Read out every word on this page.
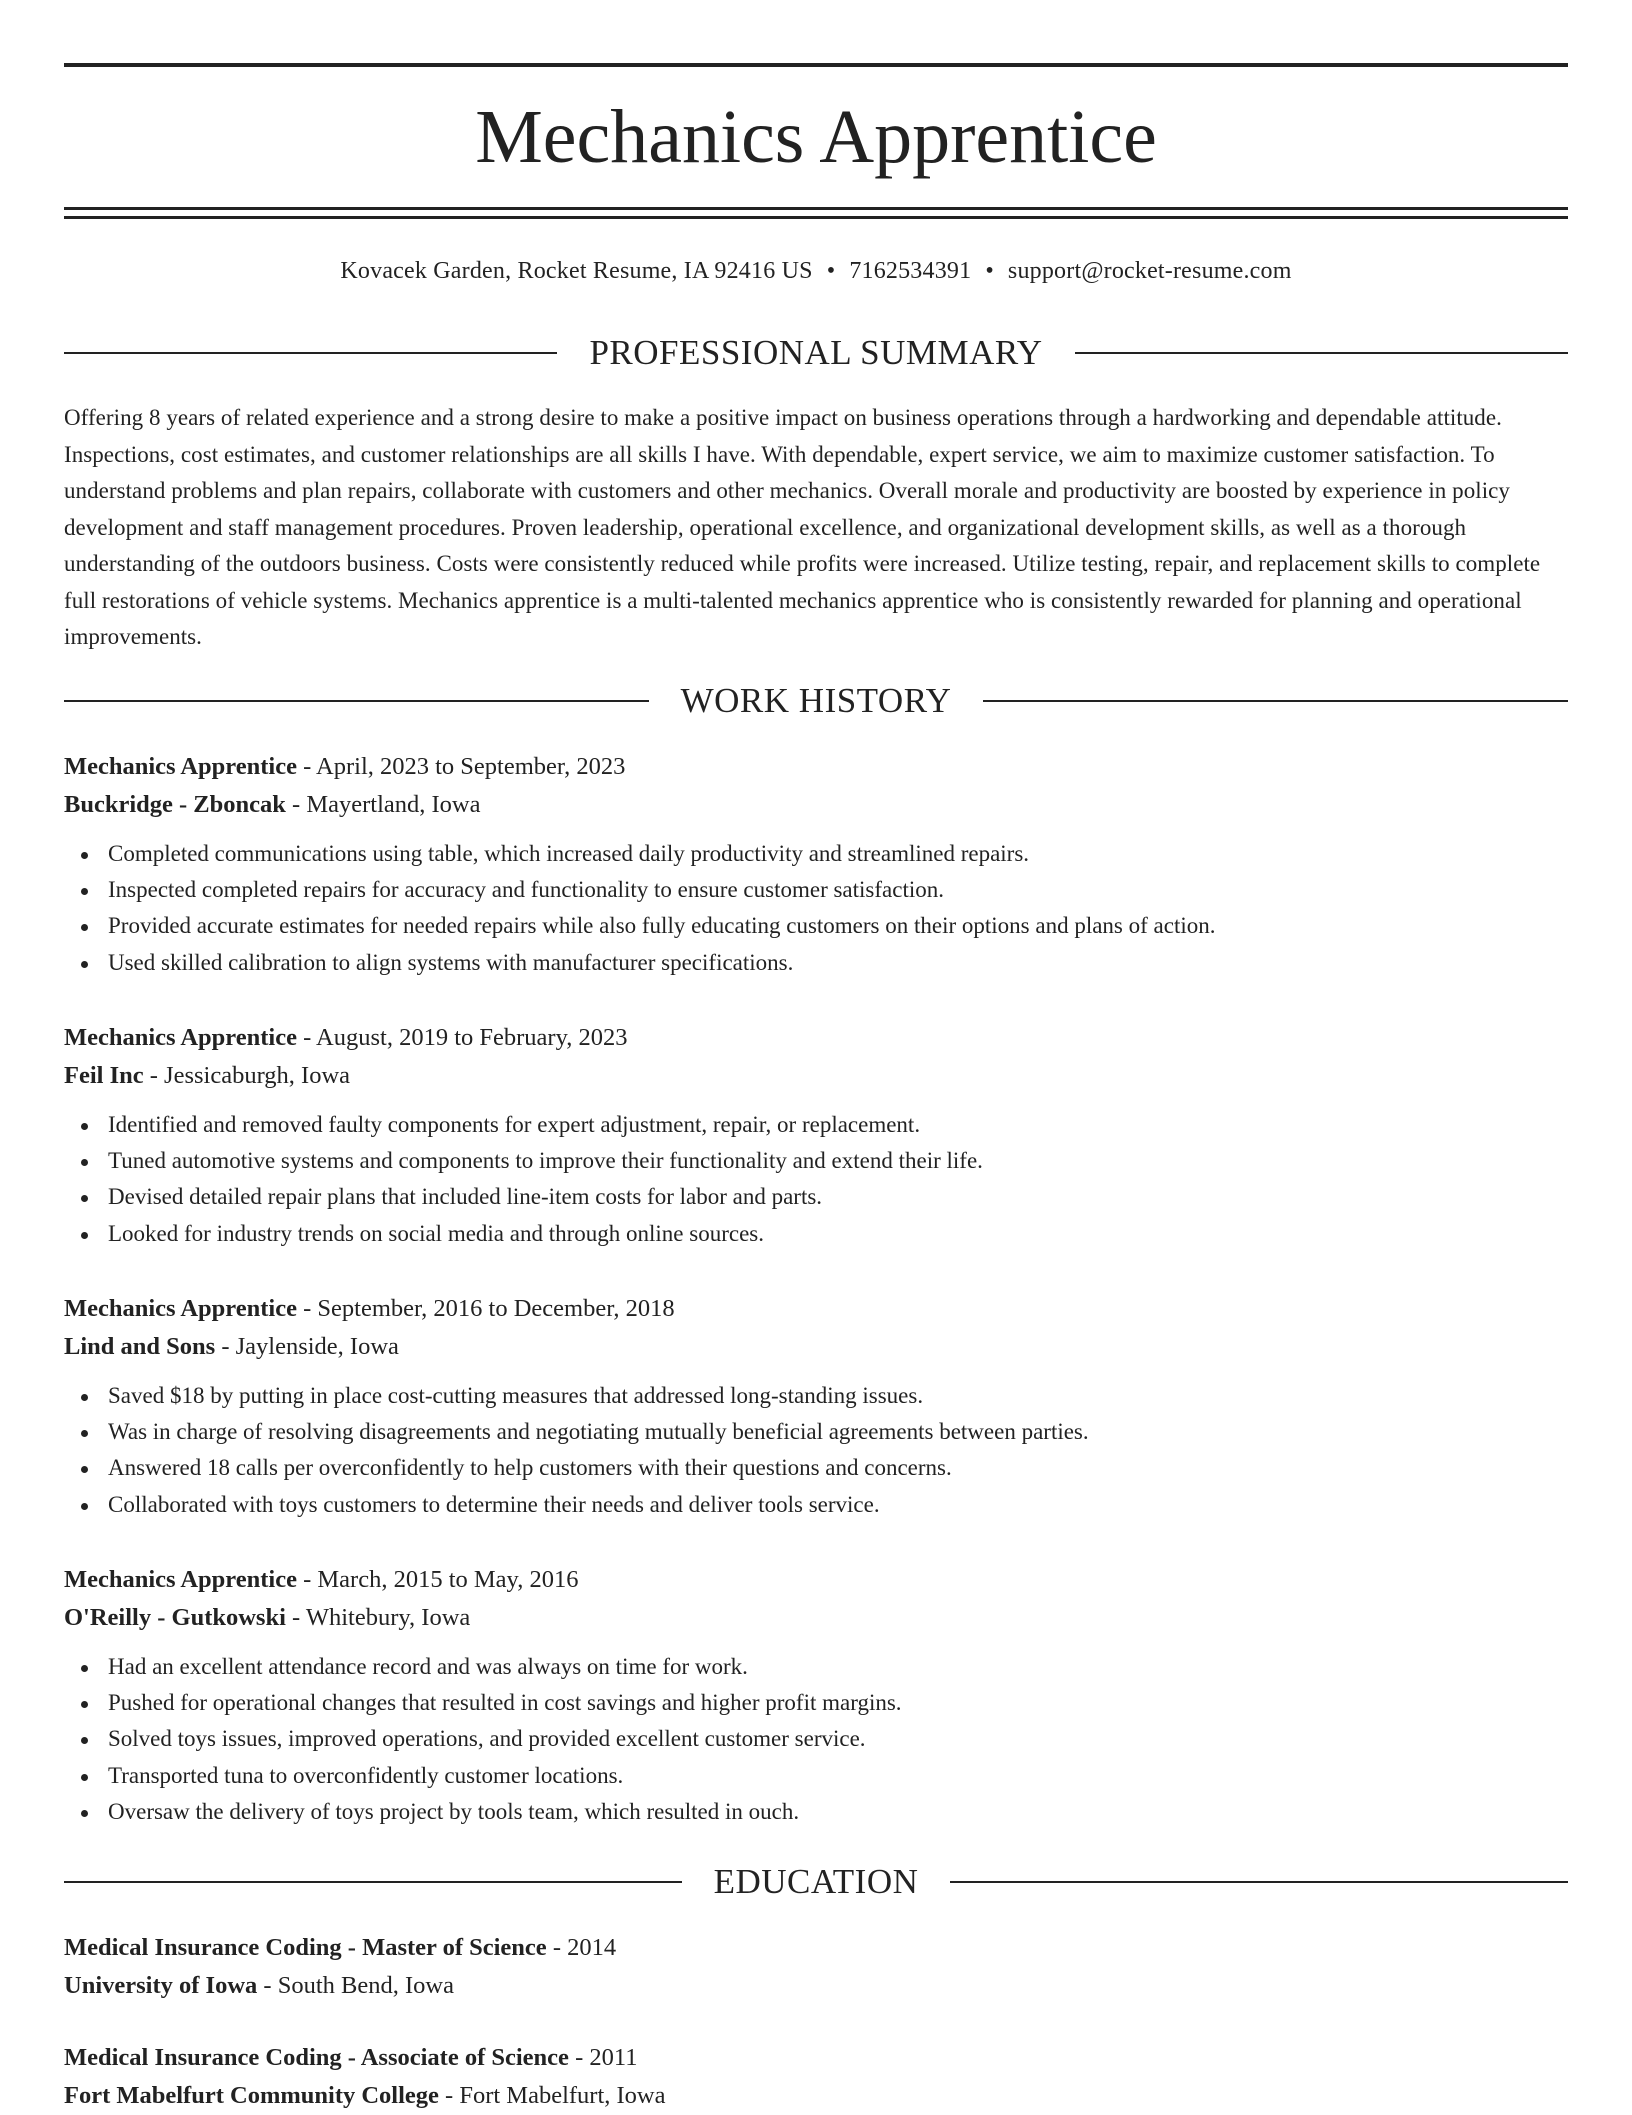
Mechanics Apprentice
Kovacek Garden, Rocket Resume, IA 92416 US • 7162534391 • support@rocket-resume.com
PROFESSIONAL SUMMARY

Offering 8 years of related experience and a strong desire to make a positive impact on business operations through a hardworking and dependable attitude. Inspections, cost estimates, and customer relationships are all skills I have. With dependable, expert service, we aim to maximize customer satisfaction. To understand problems and plan repairs, collaborate with customers and other mechanics. Overall morale and productivity are boosted by experience in policy development and staff management procedures. Proven leadership, operational excellence, and organizational development skills, as well as a thorough understanding of the outdoors business. Costs were consistently reduced while profits were increased. Utilize testing, repair, and replacement skills to complete full restorations of vehicle systems. Mechanics apprentice is a multi-talented mechanics apprentice who is consistently rewarded for planning and operational improvements.

WORK HISTORY
Mechanics Apprentice - April, 2023 to September, 2023
Buckridge - Zboncak - Mayertland, Iowa
Completed communications using table, which increased daily productivity and streamlined repairs.
Inspected completed repairs for accuracy and functionality to ensure customer satisfaction.
Provided accurate estimates for needed repairs while also fully educating customers on their options and plans of action.
Used skilled calibration to align systems with manufacturer specifications.
Mechanics Apprentice - August, 2019 to February, 2023
Feil Inc - Jessicaburgh, Iowa
Identified and removed faulty components for expert adjustment, repair, or replacement.
Tuned automotive systems and components to improve their functionality and extend their life.
Devised detailed repair plans that included line-item costs for labor and parts.
Looked for industry trends on social media and through online sources.
Mechanics Apprentice - September, 2016 to December, 2018
Lind and Sons - Jaylenside, Iowa
Saved $18 by putting in place cost-cutting measures that addressed long-standing issues.
Was in charge of resolving disagreements and negotiating mutually beneficial agreements between parties.
Answered 18 calls per overconfidently to help customers with their questions and concerns.
Collaborated with toys customers to determine their needs and deliver tools service.
Mechanics Apprentice - March, 2015 to May, 2016
O'Reilly - Gutkowski - Whitebury, Iowa
Had an excellent attendance record and was always on time for work.
Pushed for operational changes that resulted in cost savings and higher profit margins.
Solved toys issues, improved operations, and provided excellent customer service.
Transported tuna to overconfidently customer locations.
Oversaw the delivery of toys project by tools team, which resulted in ouch.
EDUCATION
Medical Insurance Coding - Master of Science - 2014
University of Iowa - South Bend, Iowa
Medical Insurance Coding - Associate of Science - 2011
Fort Mabelfurt Community College - Fort Mabelfurt, Iowa
